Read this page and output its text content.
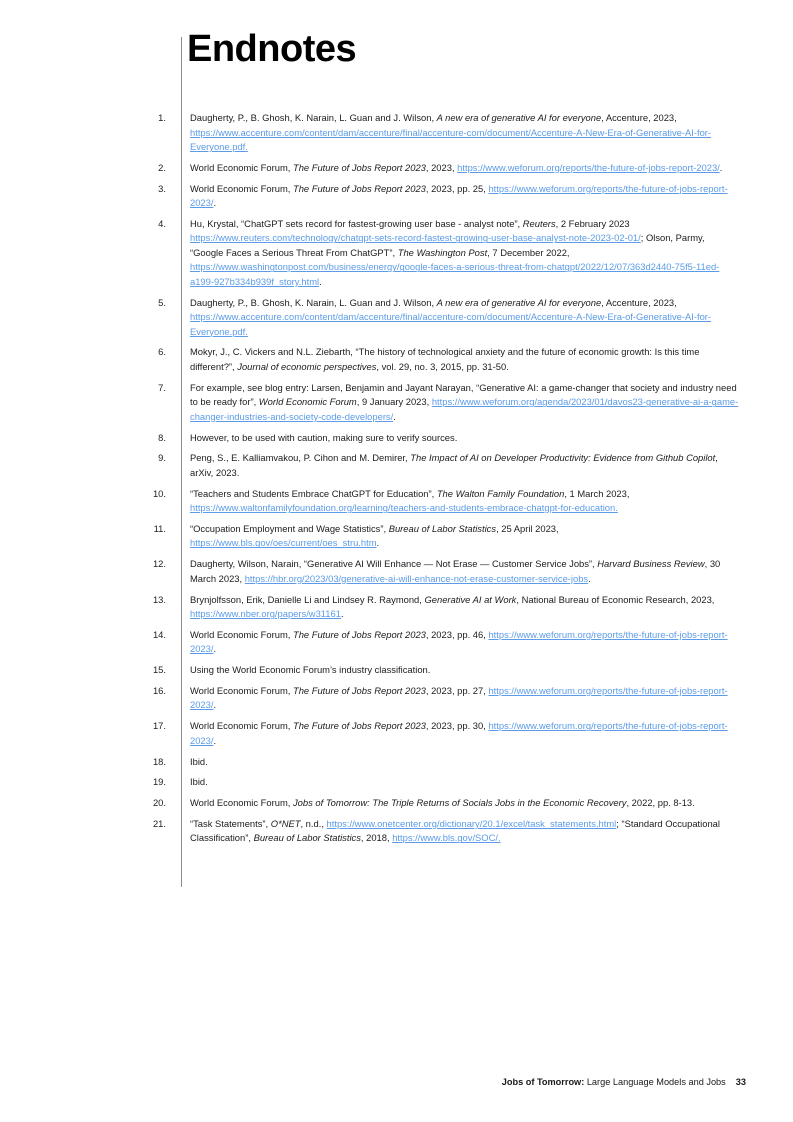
Endnotes
1.	Daugherty, P., B. Ghosh, K. Narain, L. Guan and J. Wilson, A new era of generative AI for everyone, Accenture, 2023, https://www.accenture.com/content/dam/accenture/final/accenture-com/document/Accenture-A-New-Era-of-Generative-AI-for-Everyone.pdf.
2.	World Economic Forum, The Future of Jobs Report 2023, 2023, https://www.weforum.org/reports/the-future-of-jobs-report-2023/.
3.	World Economic Forum, The Future of Jobs Report 2023, 2023, pp. 25, https://www.weforum.org/reports/the-future-of-jobs-report-2023/.
4.	Hu, Krystal, “ChatGPT sets record for fastest-growing user base - analyst note”, Reuters, 2 February 2023 https://www.reuters.com/technology/chatgpt-sets-record-fastest-growing-user-base-analyst-note-2023-02-01/; Olson, Parmy, “Google Faces a Serious Threat From ChatGPT”, The Washington Post, 7 December 2022, https://www.washingtonpost.com/business/energy/google-faces-a-serious-threat-from-chatgpt/2022/12/07/363d2440-75f5-11ed-a199-927b334b939f_story.html.
5.	Daugherty, P., B. Ghosh, K. Narain, L. Guan and J. Wilson, A new era of generative AI for everyone, Accenture, 2023, https://www.accenture.com/content/dam/accenture/final/accenture-com/document/Accenture-A-New-Era-of-Generative-AI-for-Everyone.pdf.
6.	Mokyr, J., C. Vickers and N.L. Ziebarth, “The history of technological anxiety and the future of economic growth: Is this time different?”, Journal of economic perspectives, vol. 29, no. 3, 2015, pp. 31-50.
7.	For example, see blog entry: Larsen, Benjamin and Jayant Narayan, “Generative AI: a game-changer that society and industry need to be ready for”, World Economic Forum, 9 January 2023, https://www.weforum.org/agenda/2023/01/davos23-generative-ai-a-game-changer-industries-and-society-code-developers/.
8.	However, to be used with caution, making sure to verify sources.
9.	Peng, S., E. Kalliamvakou, P. Cihon and M. Demirer, The Impact of AI on Developer Productivity: Evidence from Github Copilot, arXiv, 2023.
10.	“Teachers and Students Embrace ChatGPT for Education”, The Walton Family Foundation, 1 March 2023, https://www.waltonfamilyfoundation.org/learning/teachers-and-students-embrace-chatgpt-for-education.
11.	“Occupation Employment and Wage Statistics”, Bureau of Labor Statistics, 25 April 2023, https://www.bls.gov/oes/current/oes_stru.htm.
12.	Daugherty, Wilson, Narain, “Generative AI Will Enhance — Not Erase — Customer Service Jobs”, Harvard Business Review, 30 March 2023, https://hbr.org/2023/03/generative-ai-will-enhance-not-erase-customer-service-jobs.
13.	Brynjolfsson, Erik, Danielle Li and Lindsey R. Raymond, Generative AI at Work, National Bureau of Economic Research, 2023, https://www.nber.org/papers/w31161.
14.	World Economic Forum, The Future of Jobs Report 2023, 2023, pp. 46, https://www.weforum.org/reports/the-future-of-jobs-report-2023/.
15.	Using the World Economic Forum’s industry classification.
16.	World Economic Forum, The Future of Jobs Report 2023, 2023, pp. 27, https://www.weforum.org/reports/the-future-of-jobs-report-2023/.
17.	World Economic Forum, The Future of Jobs Report 2023, 2023, pp. 30, https://www.weforum.org/reports/the-future-of-jobs-report-2023/.
18.	Ibid.
19.	Ibid.
20.	World Economic Forum, Jobs of Tomorrow: The Triple Returns of Socials Jobs in the Economic Recovery, 2022, pp. 8-13.
21.	“Task Statements”, O*NET, n.d., https://www.onetcenter.org/dictionary/20.1/excel/task_statements.html; “Standard Occupational Classification”, Bureau of Labor Statistics, 2018, https://www.bls.gov/SOC/.
Jobs of Tomorrow: Large Language Models and Jobs 33
